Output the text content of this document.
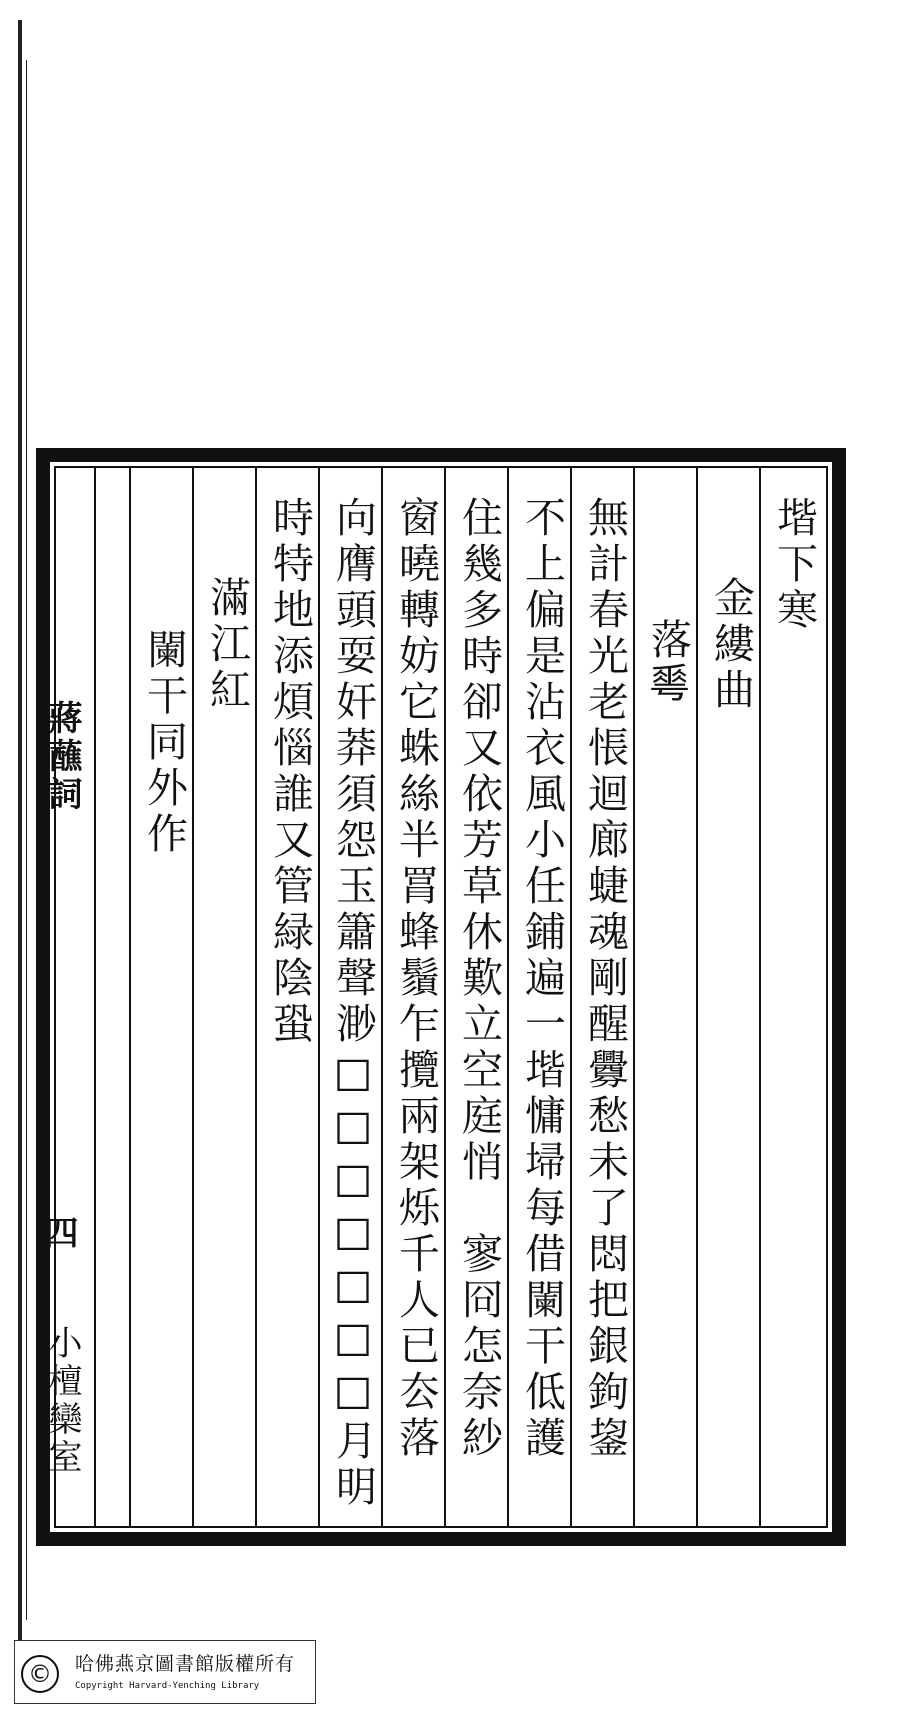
堦下寒
金縷曲
落𠌶
無計春光老悵迴廊蜨魂剛醒釁愁未了悶把銀鉤鋆
不上偏是沾衣風小任鋪遍一堦慵埽每借闌干低護
住幾多時卻又依芳草休歎立空庭悄　寥冏怎奈紗
窗曉轉妨它蛛絲半罥蜂鬚乍攬兩架烁千人已厺落
向膺頭耍奸莽須怨玉簫聲渺□□□□□□□月明
時特地添煩惱誰又管緑陰蛩
滿江紅
闌干同外作
蔣蘸詞
四
小檀欒室
©	哈佛燕京圖書館版權所有
Copyright Harvard-Yenching Library
